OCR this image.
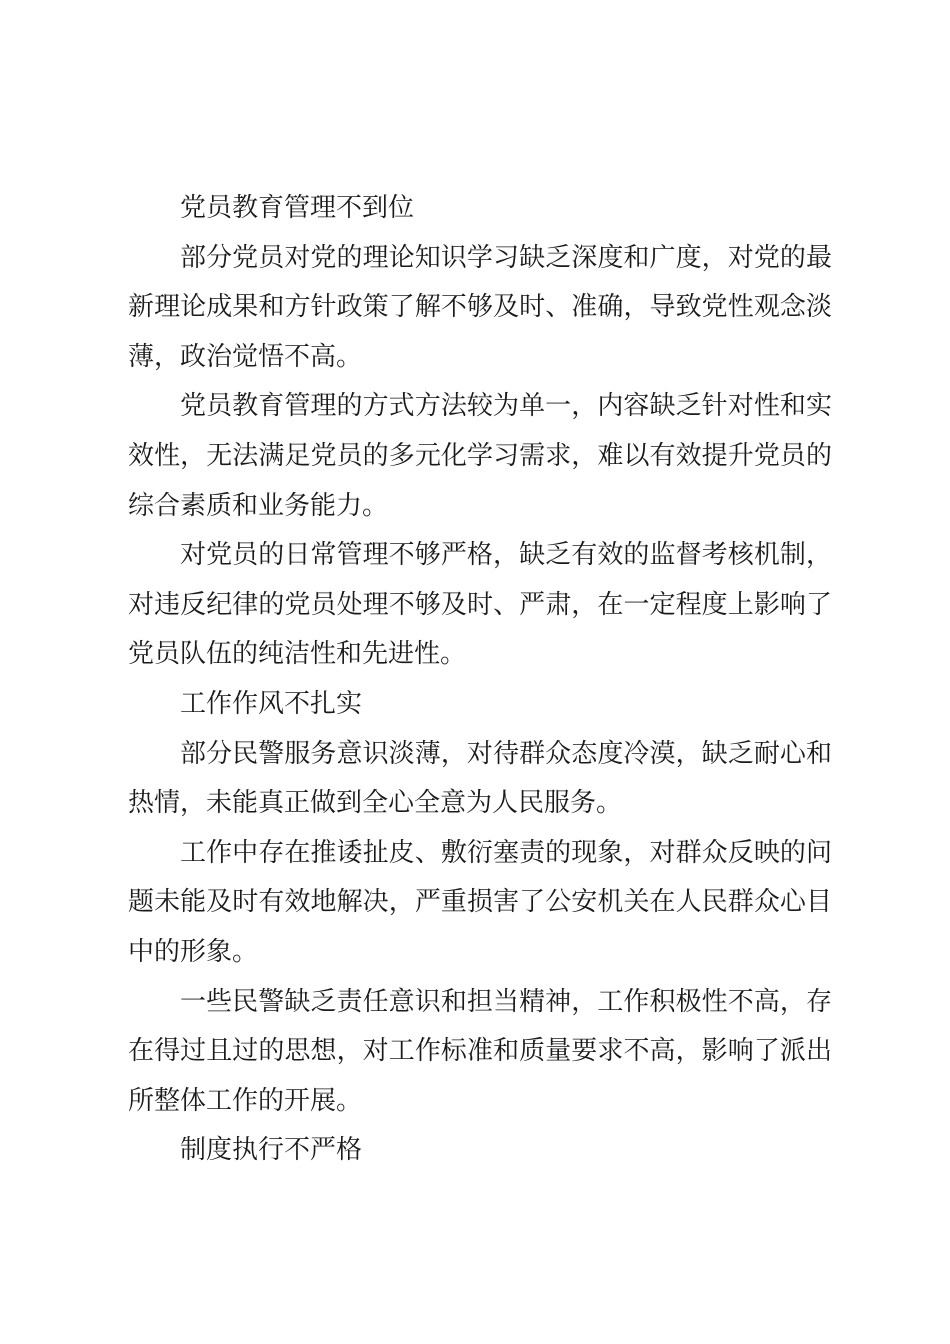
党员教育管理不到位

部分党员对党的理论知识学习缺乏深度和广度，对党的最新理论成果和方针政策了解不够及时、准确，导致党性观念淡薄，政治觉悟不高。

党员教育管理的方式方法较为单一，内容缺乏针对性和实效性，无法满足党员的多元化学习需求，难以有效提升党员的综合素质和业务能力。

对党员的日常管理不够严格，缺乏有效的监督考核机制，对违反纪律的党员处理不够及时、严肃，在一定程度上影响了党员队伍的纯洁性和先进性。

工作作风不扎实

部分民警服务意识淡薄，对待群众态度冷漠，缺乏耐心和热情，未能真正做到全心全意为人民服务。

工作中存在推诿扯皮、敷衍塞责的现象，对群众反映的问题未能及时有效地解决，严重损害了公安机关在人民群众心目中的形象。

一些民警缺乏责任意识和担当精神，工作积极性不高，存在得过且过的思想，对工作标准和质量要求不高，影响了派出所整体工作的开展。

制度执行不严格
